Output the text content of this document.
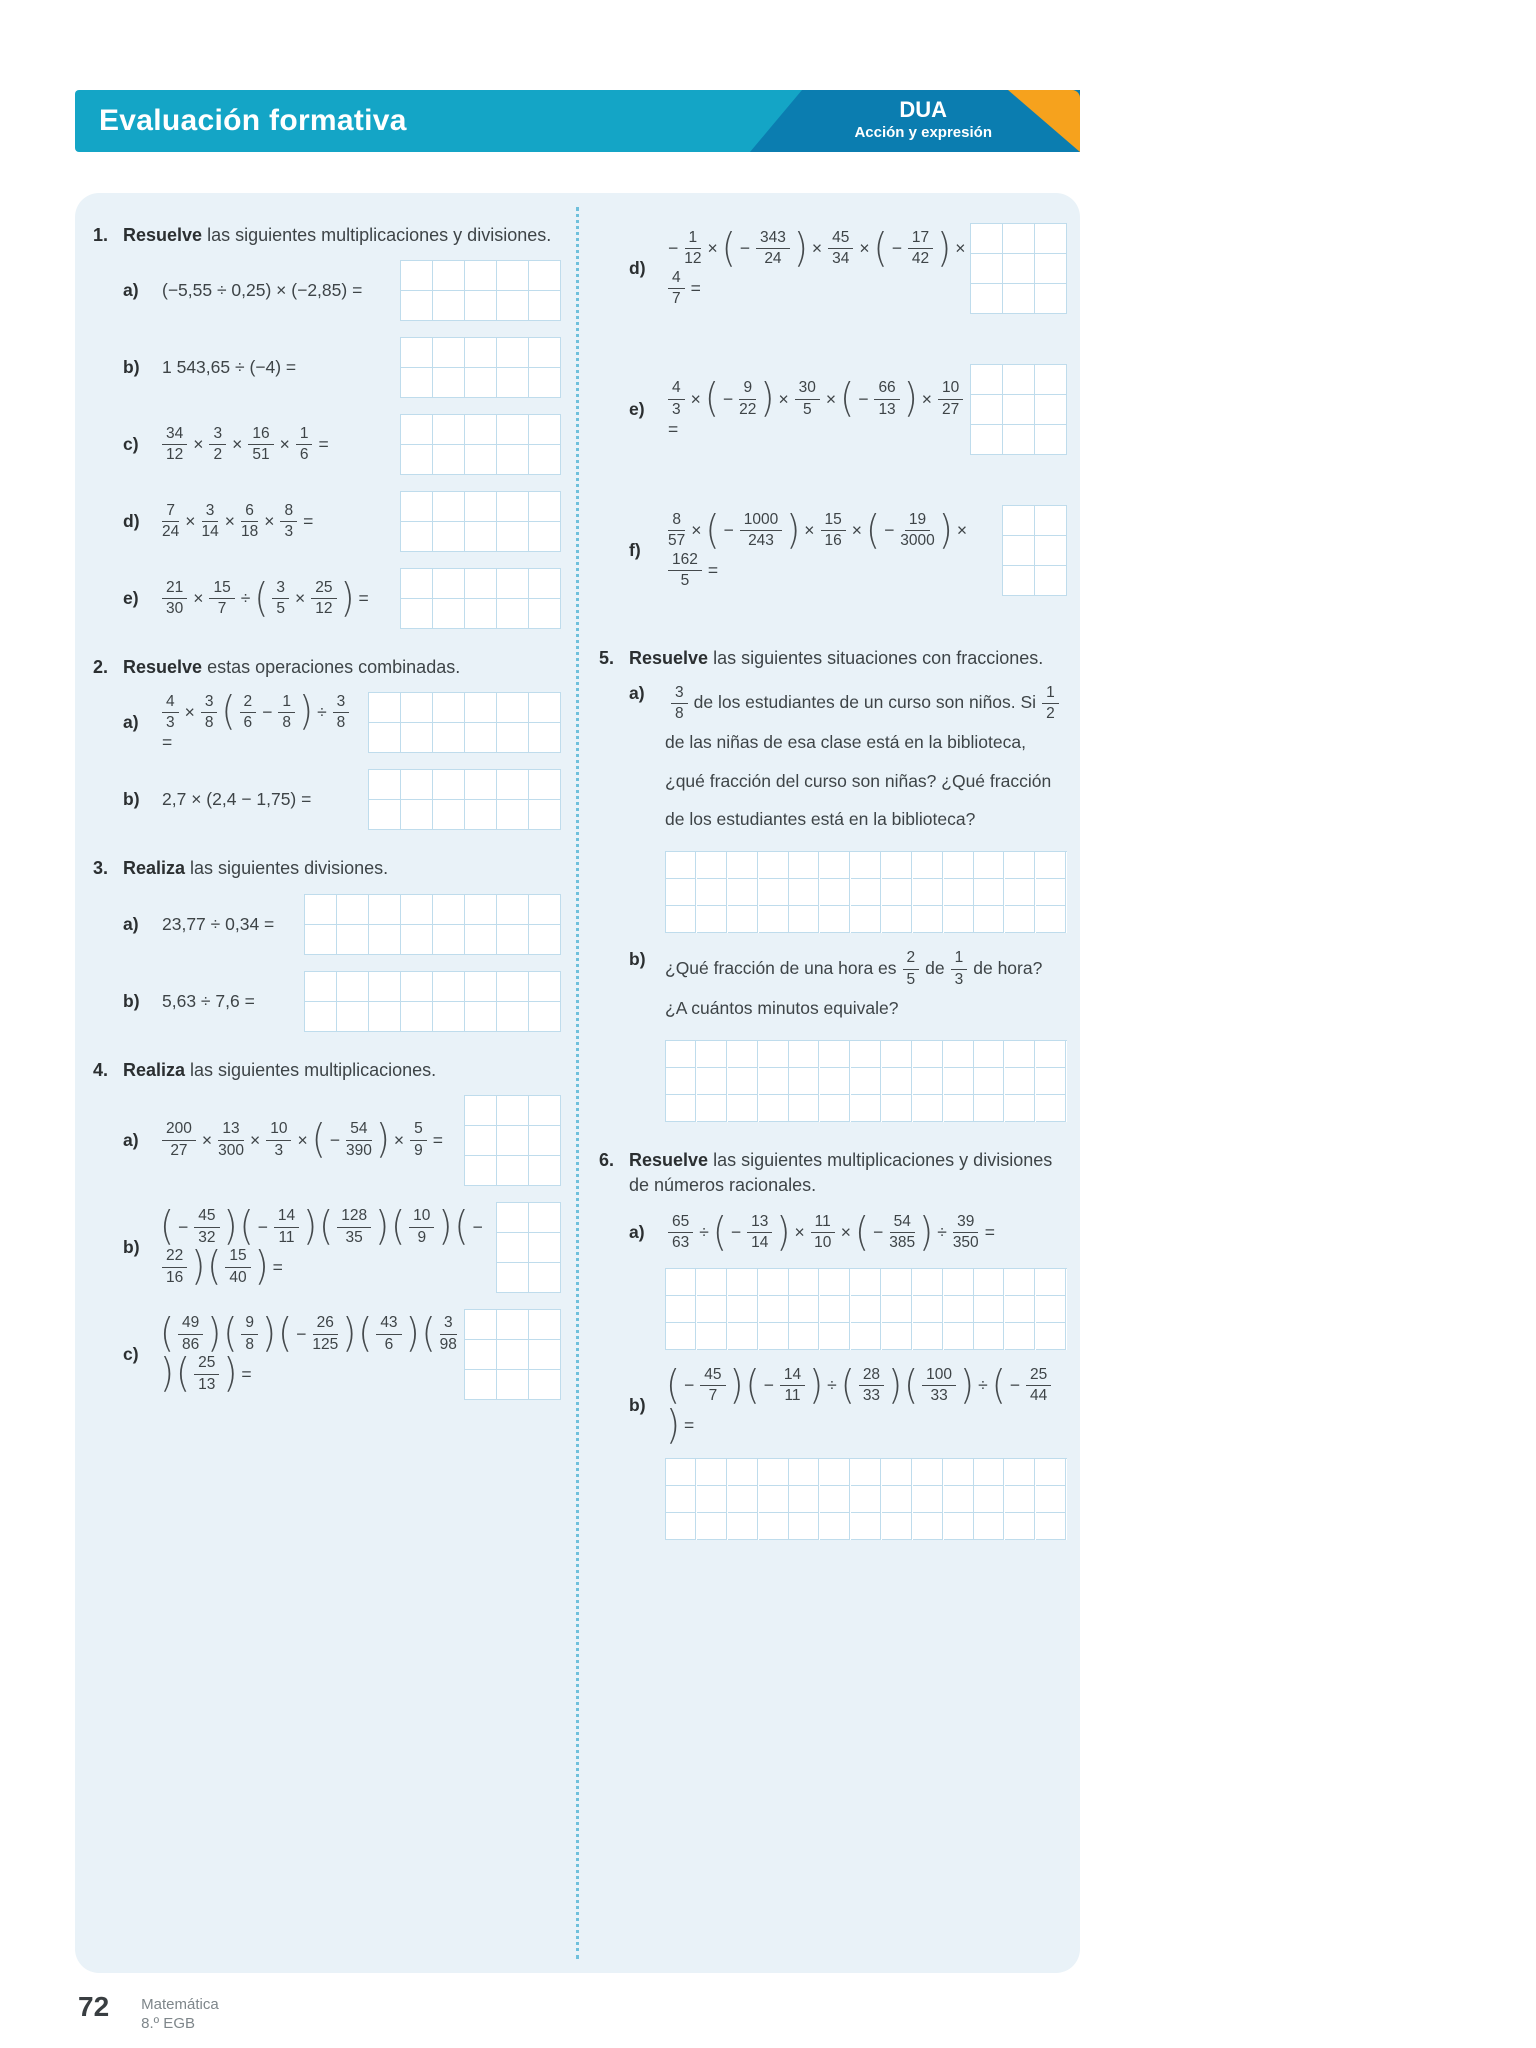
Evaluación formativa	DUA
Acción y expresión
1. Resuelve las siguientes multiplicaciones y divisiones.
a)	(−5,55 ÷ 0,25) × (−2,85) =
b)	1 543,65 ÷ (−4) =
c)	$\frac{34}{12} \times \frac{3}{2} \times \frac{16}{51} \times \frac{1}{6}$ =
d)	$\frac{7}{24} \times \frac{3}{14} \times \frac{6}{18} \times \frac{8}{3}$ =
e)	$\frac{21}{30} \times \frac{15}{7}$ ÷ ( $\frac{3}{5} \times \frac{25}{12}$ ) =
2. Resuelve estas operaciones combinadas.
a)	$\frac{4}{3} \times \frac{3}{8}$ ( $\frac{2}{6} - \frac{1}{8}$ ) ÷ $\frac{3}{8}$
=
b)	2,7 × (2,4 − 1,75) =
3. Realiza las siguientes divisiones.
a)	23,77 ÷ 0,34 =
b)	5,63 ÷ 7,6 =
4. Realiza las siguientes multiplicaciones.
a)	$\frac{200}{27} \times \frac{13}{300} \times \frac{10}{3}$ × ( − $\frac{54}{390}$ ) × $\frac{5}{9}$ =
b) ( − $\frac{45}{32}$ ) ( − $\frac{14}{11}$ ) ( $\frac{128}{35}$ ) ( $\frac{10}{9}$ ) ( −
$\frac{22}{16}$ ) ( $\frac{15}{40}$ ) =
c) ( $\frac{49}{86}$ ) ( $\frac{9}{8}$ ) ( − $\frac{26}{125}$ ) ( $\frac{43}{6}$ ) ( $\frac{3}{98}$
) ( $\frac{25}{13}$ ) =
d)
− $\frac{1}{12}$ × ( − $\frac{343}{24}$ ) × $\frac{45}{34}$ × ( − $\frac{17}{42}$ ) ×
$\frac{4}{7}$ =
e)	$\frac{4}{3}$ × ( − $\frac{9}{22}$ ) × $\frac{30}{5}$ × ( − $\frac{66}{13}$ ) × $\frac{10}{27}$
=
f)	$\frac{8}{57}$ × ( − $\frac{1000}{243}$ ) × $\frac{15}{16}$ × ( − $\frac{19}{3000}$ ) ×
$\frac{162}{5}$ =
5. Resuelve las siguientes situaciones con fracciones.
a)	$\frac{3}{8}$ de los estudiantes de un curso son niños. Si $\frac{1}{2}$
de las niñas de esa clase está en la biblioteca, ¿qué fracción del curso son niñas? ¿Qué fracción de los estudiantes está en la biblioteca?
b)	¿Qué fracción de una hora es $\frac{2}{5}$ de $\frac{1}{3}$ de hora? ¿A cuántos minutos equivale?
6. Resuelve las siguientes multiplicaciones y divisiones de números racionales.
a)	$\frac{65}{63}$ ÷ ( − $\frac{13}{14}$ ) × $\frac{11}{10}$ × ( − $\frac{54}{385}$ ) ÷ $\frac{39}{350}$ =
b) ( − $\frac{45}{7}$ ) ( − $\frac{14}{11}$ ) ÷ ( $\frac{28}{33}$ ) ( $\frac{100}{33}$ ) ÷ ( − $\frac{25}{44}$
) =
72 Matemática
8.º EGB
